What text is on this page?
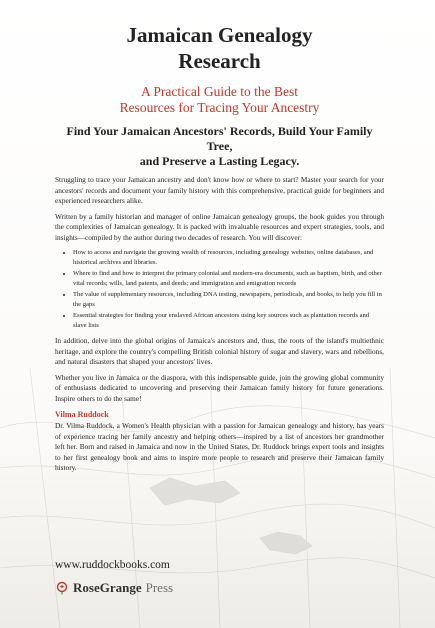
Jamaican Genealogy
Research
A Practical Guide to the Best
Resources for Tracing Your Ancestry
Find Your Jamaican Ancestors' Records, Build Your Family Tree,
and Preserve a Lasting Legacy.

Struggling to trace your Jamaican ancestry and don't know how or where to start? Master your search for your ancestors' records and document your family history with this comprehensive, practical guide for beginners and experienced researchers alike.

Written by a family historian and manager of online Jamaican genealogy groups, the book guides you through the complexities of Jamaican genealogy. It is packed with invaluable resources and expert strategies, tools, and insights—compiled by the author during two decades of research. You will discover:

• How to access and navigate the growing wealth of resources, including genealogy websites, online databases, and historical archives and libraries.
• Where to find and how to interpret the primary colonial and modern-era documents, such as baptism, birth, and other vital records; wills, land patents, and deeds; and immigration and emigration records
• The value of supplementary resources, including DNA testing, newspapers, periodicals, and books, to help you fill in the gaps
• Essential strategies for finding your enslaved African ancestors using key sources such as plantation records and slave lists

In addition, delve into the global origins of Jamaica's ancestors and, thus, the roots of the island's multiethnic heritage, and explore the country's compelling British colonial history of sugar and slavery, wars and rebellions, and natural disasters that shaped your ancestors' lives.

Whether you live in Jamaica or the diaspora, with this indispensable guide, join the growing global community of enthusiasts dedicated to uncovering and preserving their Jamaican family history for future generations. Inspire others to do the same!

Vilma Ruddock

Dr. Vilma Ruddock, a Women's Health physician with a passion for Jamaican genealogy and history, has years of experience tracing her family ancestry and helping others—inspired by a list of ancestors her grandmother left her. Born and raised in Jamaica and now in the United States, Dr. Ruddock brings expert tools and insights to her first genealogy book and aims to inspire more people to research and preserve their Jamaican family history.

www.ruddockbooks.com
RoseGrange Press
